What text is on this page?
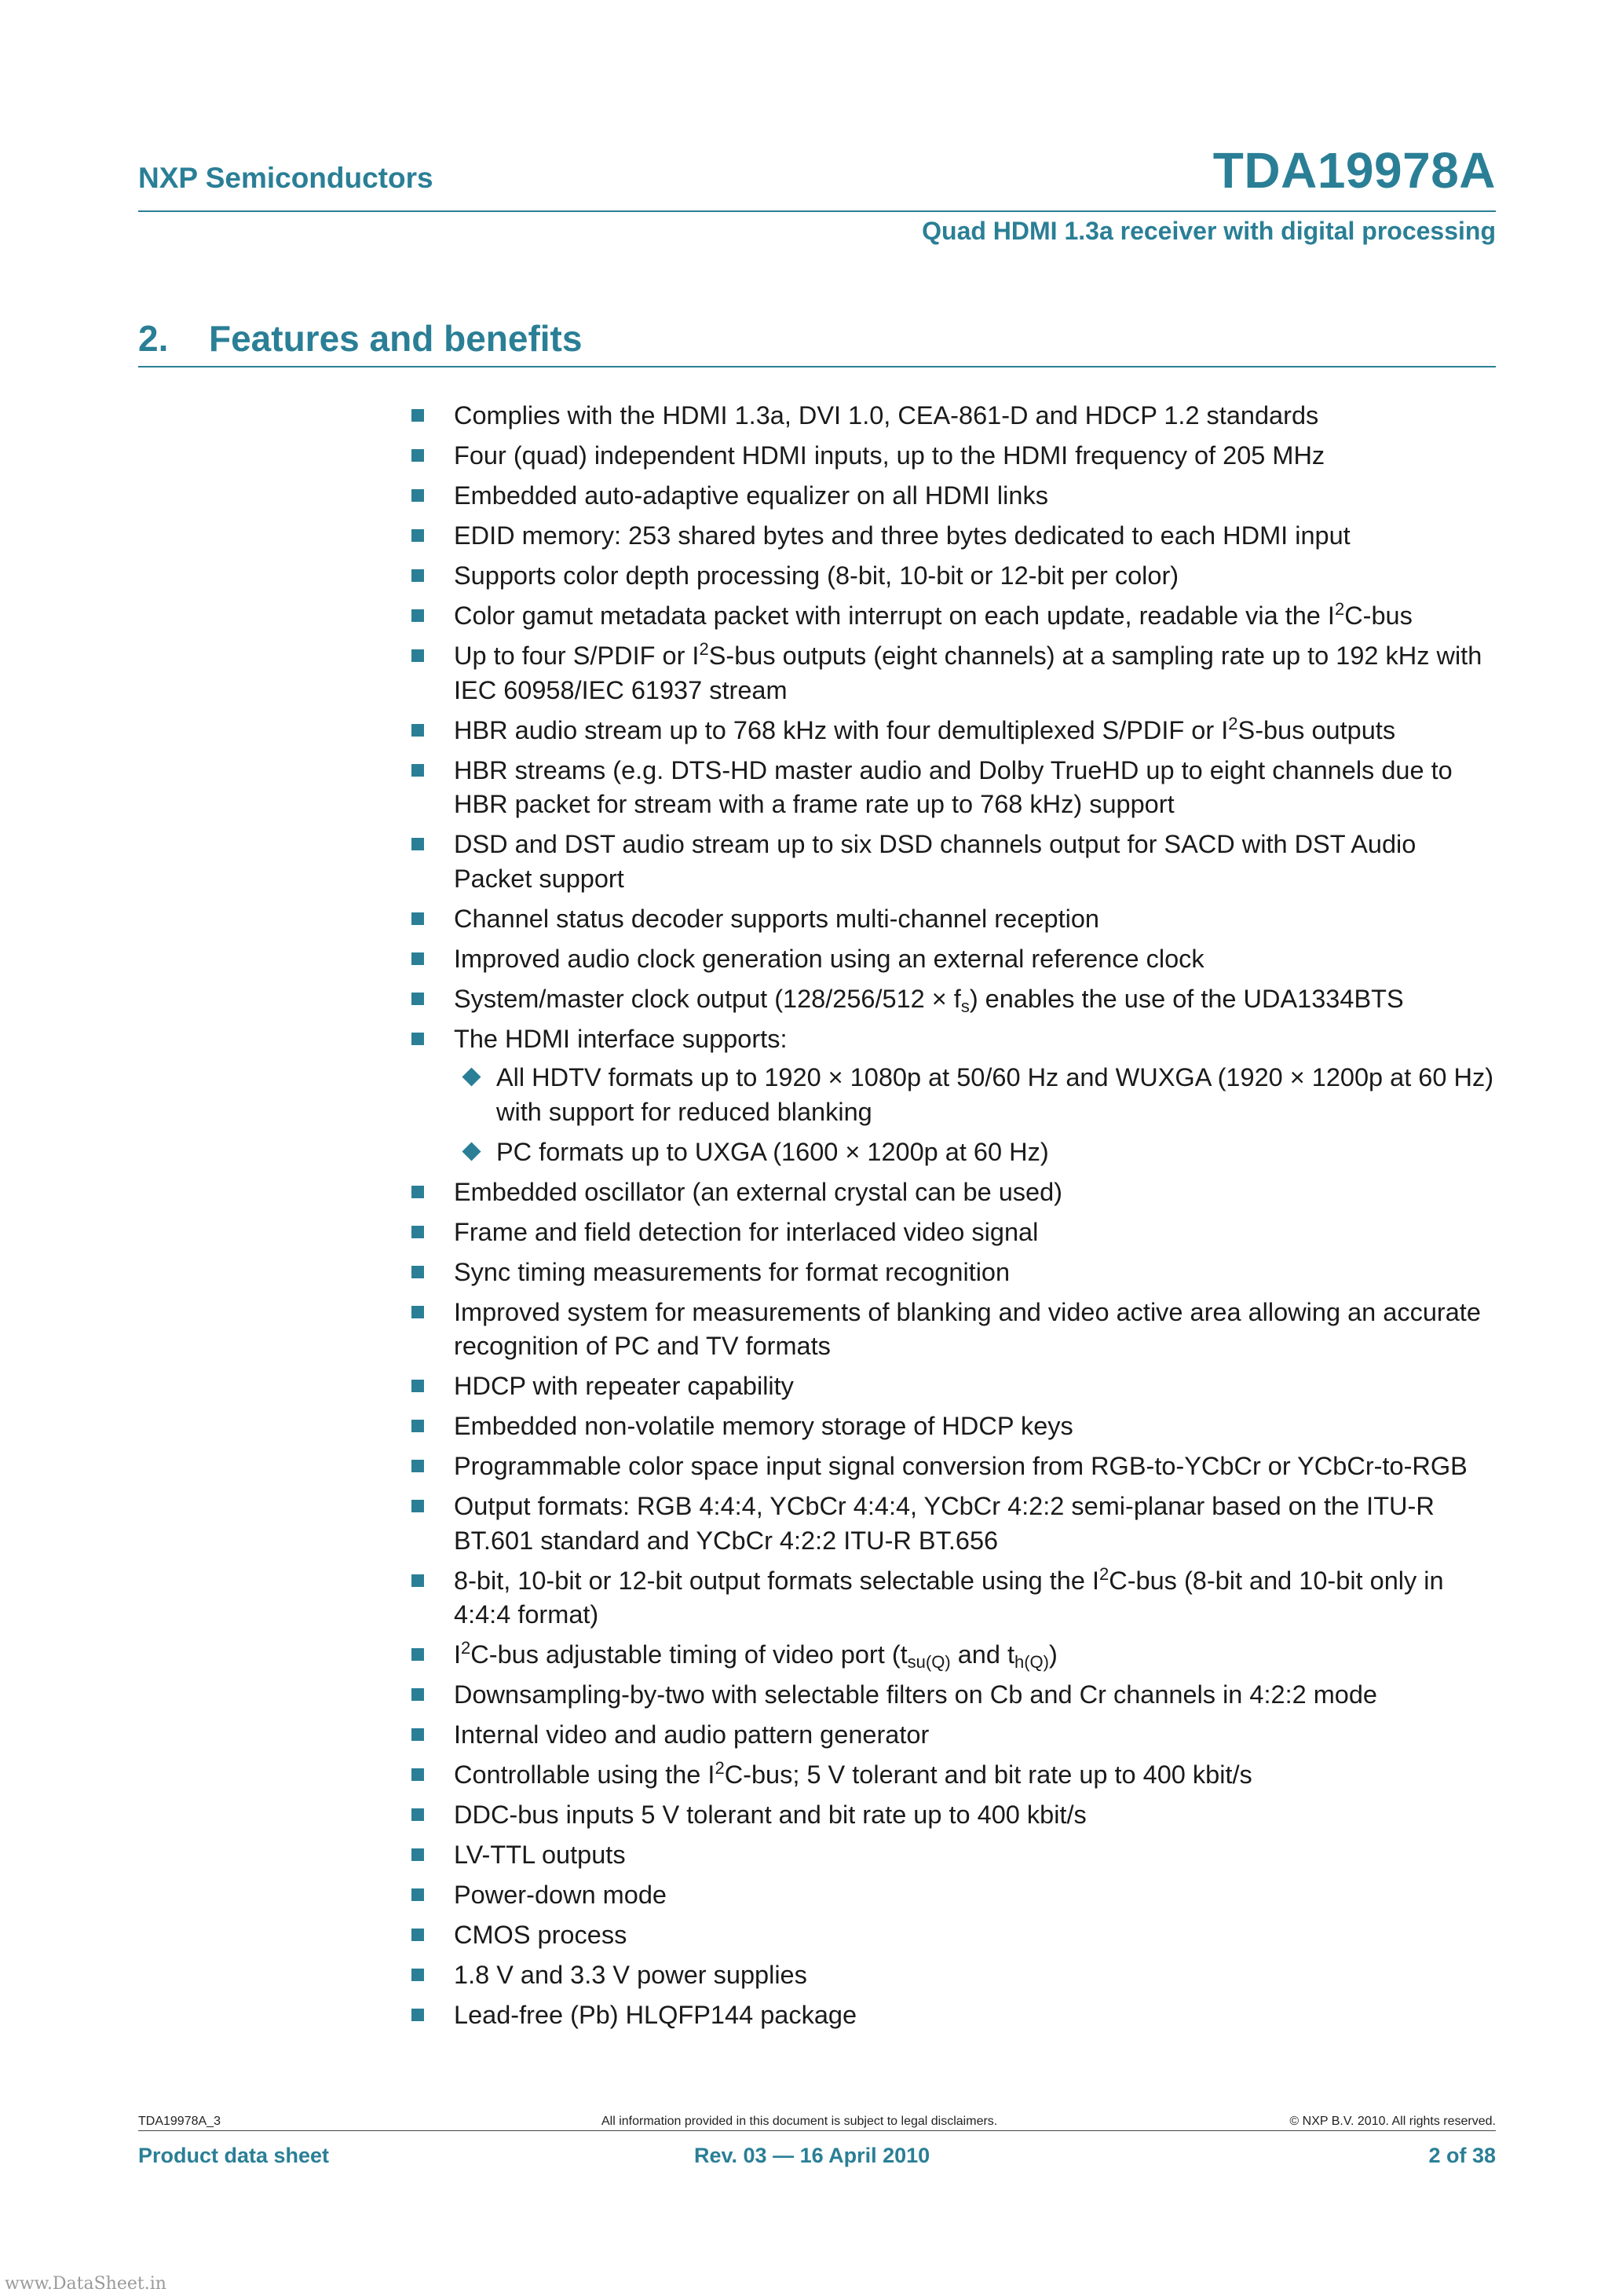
NXP Semiconductors	TDA19978A
Quad HDMI 1.3a receiver with digital processing
2. Features and benefits
Complies with the HDMI 1.3a, DVI 1.0, CEA-861-D and HDCP 1.2 standards
Four (quad) independent HDMI inputs, up to the HDMI frequency of 205 MHz
Embedded auto-adaptive equalizer on all HDMI links
EDID memory: 253 shared bytes and three bytes dedicated to each HDMI input
Supports color depth processing (8-bit, 10-bit or 12-bit per color)
Color gamut metadata packet with interrupt on each update, readable via the $I^2C$-bus
Up to four S/PDIF or $I^2S$-bus outputs (eight channels) at a sampling rate up to 192 kHz with IEC 60958/IEC 61937 stream
HBR audio stream up to 768 kHz with four demultiplexed S/PDIF or $I^2S$-bus outputs
HBR streams (e.g. DTS-HD master audio and Dolby TrueHD up to eight channels due to HBR packet for stream with a frame rate up to 768 kHz) support
DSD and DST audio stream up to six DSD channels output for SACD with DST Audio Packet support
Channel status decoder supports multi-channel reception
Improved audio clock generation using an external reference clock
System/master clock output $(128/256/512 \times f_s)$ enables the use of the UDA1334BTS
The HDMI interface supports:
All HDTV formats up to 1920 × 1080p at 50/60 Hz and WUXGA (1920 × 1200p at 60 Hz) with support for reduced blanking
PC formats up to UXGA (1600 × 1200p at 60 Hz)
Embedded oscillator (an external crystal can be used)
Frame and field detection for interlaced video signal
Sync timing measurements for format recognition
Improved system for measurements of blanking and video active area allowing an accurate recognition of PC and TV formats
HDCP with repeater capability
Embedded non-volatile memory storage of HDCP keys
Programmable color space input signal conversion from RGB-to-YCbCr or YCbCr-to-RGB
Output formats: RGB 4:4:4, YCbCr 4:4:4, YCbCr 4:2:2 semi-planar based on the ITU-R BT.601 standard and YCbCr 4:2:2 ITU-R BT.656
8-bit, 10-bit or 12-bit output formats selectable using the $I^2C$-bus (8-bit and 10-bit only in 4:4:4 format)
$I^2C$-bus adjustable timing of video port ($t_{su(Q)}$ and $t_{h(Q)}$)
Downsampling-by-two with selectable filters on Cb and Cr channels in 4:2:2 mode
Internal video and audio pattern generator
Controllable using the $I^2C$-bus; 5 V tolerant and bit rate up to 400 kbit/s
DDC-bus inputs 5 V tolerant and bit rate up to 400 kbit/s
LV-TTL outputs
Power-down mode
CMOS process
1.8 V and 3.3 V power supplies
Lead-free (Pb) HLQFP144 package
TDA19978A_3	All information provided in this document is subject to legal disclaimers.	© NXP B.V. 2010. All rights reserved.
Product data sheet	Rev. 03 — 16 April 2010	2 of 38
www.DataSheet.in
